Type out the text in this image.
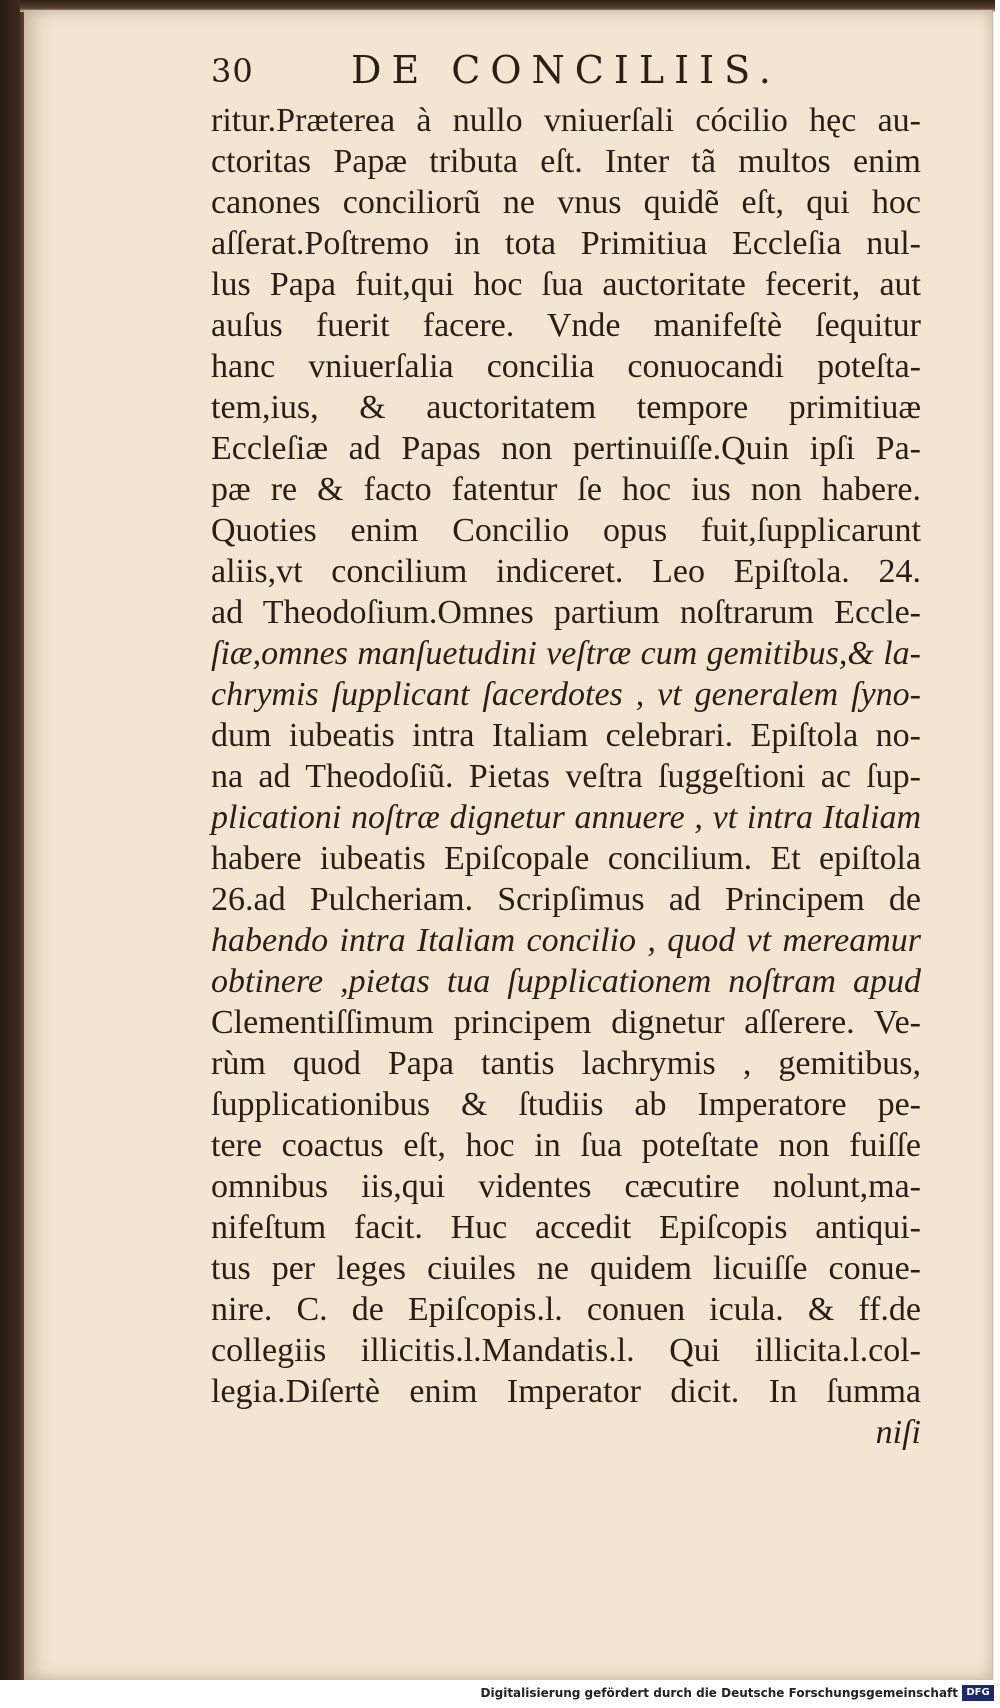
30	DE CONCILIIS.
ritur.Præterea à nullo vniuerſali cócilio hęc au-
ctoritas Papæ tributa eſt. Inter tã multos enim
canones conciliorũ ne vnus quidẽ eſt, qui hoc
aſſerat.Poſtremo in tota Primitiua Eccleſia nul-
lus Papa fuit,qui hoc ſua auctoritate fecerit, aut
auſus fuerit facere. Vnde manifeſtè ſequitur
hanc vniuerſalia concilia conuocandi poteſta-
tem,ius, & auctoritatem tempore primitiuæ
Eccleſiæ ad Papas non pertinuiſſe.Quin ipſi Pa-
pæ re & facto fatentur ſe hoc ius non habere.
Quoties enim Concilio opus fuit,ſupplicarunt
aliis,vt concilium indiceret. Leo Epiſtola. 24.
ad Theodoſium.Omnes partium noſtrarum Eccle-
ſiæ,omnes manſuetudini veſtræ cum gemitibus,& la-
chrymis ſupplicant ſacerdotes , vt generalem ſyno-
dum iubeatis intra Italiam celebrari. Epiſtola no-
na ad Theodoſiũ. Pietas veſtra ſuggeſtioni ac ſup-
plicationi noſtræ dignetur annuere , vt intra Italiam
habere iubeatis Epiſcopale concilium. Et epiſtola
26.ad Pulcheriam. Scripſimus ad Principem de
habendo intra Italiam concilio , quod vt mereamur
obtinere ,pietas tua ſupplicationem noſtram apud
Clementiſſimum principem dignetur aſſerere. Ve-
rùm quod Papa tantis lachrymis , gemitibus,
ſupplicationibus & ſtudiis ab Imperatore pe-
tere coactus eſt, hoc in ſua poteſtate non fuiſſe
omnibus iis,qui videntes cæcutire nolunt,ma-
nifeſtum facit. Huc accedit Epiſcopis antiqui-
tus per leges ciuiles ne quidem licuiſſe conue-
nire. C. de Epiſcopis.l. conuen icula. & ff.de
collegiis illicitis.l.Mandatis.l. Qui illicita.l.col-
legia.Diſertè enim Imperator dicit. In ſumma
niſi
Digitalisierung gefördert durch die Deutsche Forschungsgemeinschaft DFG
